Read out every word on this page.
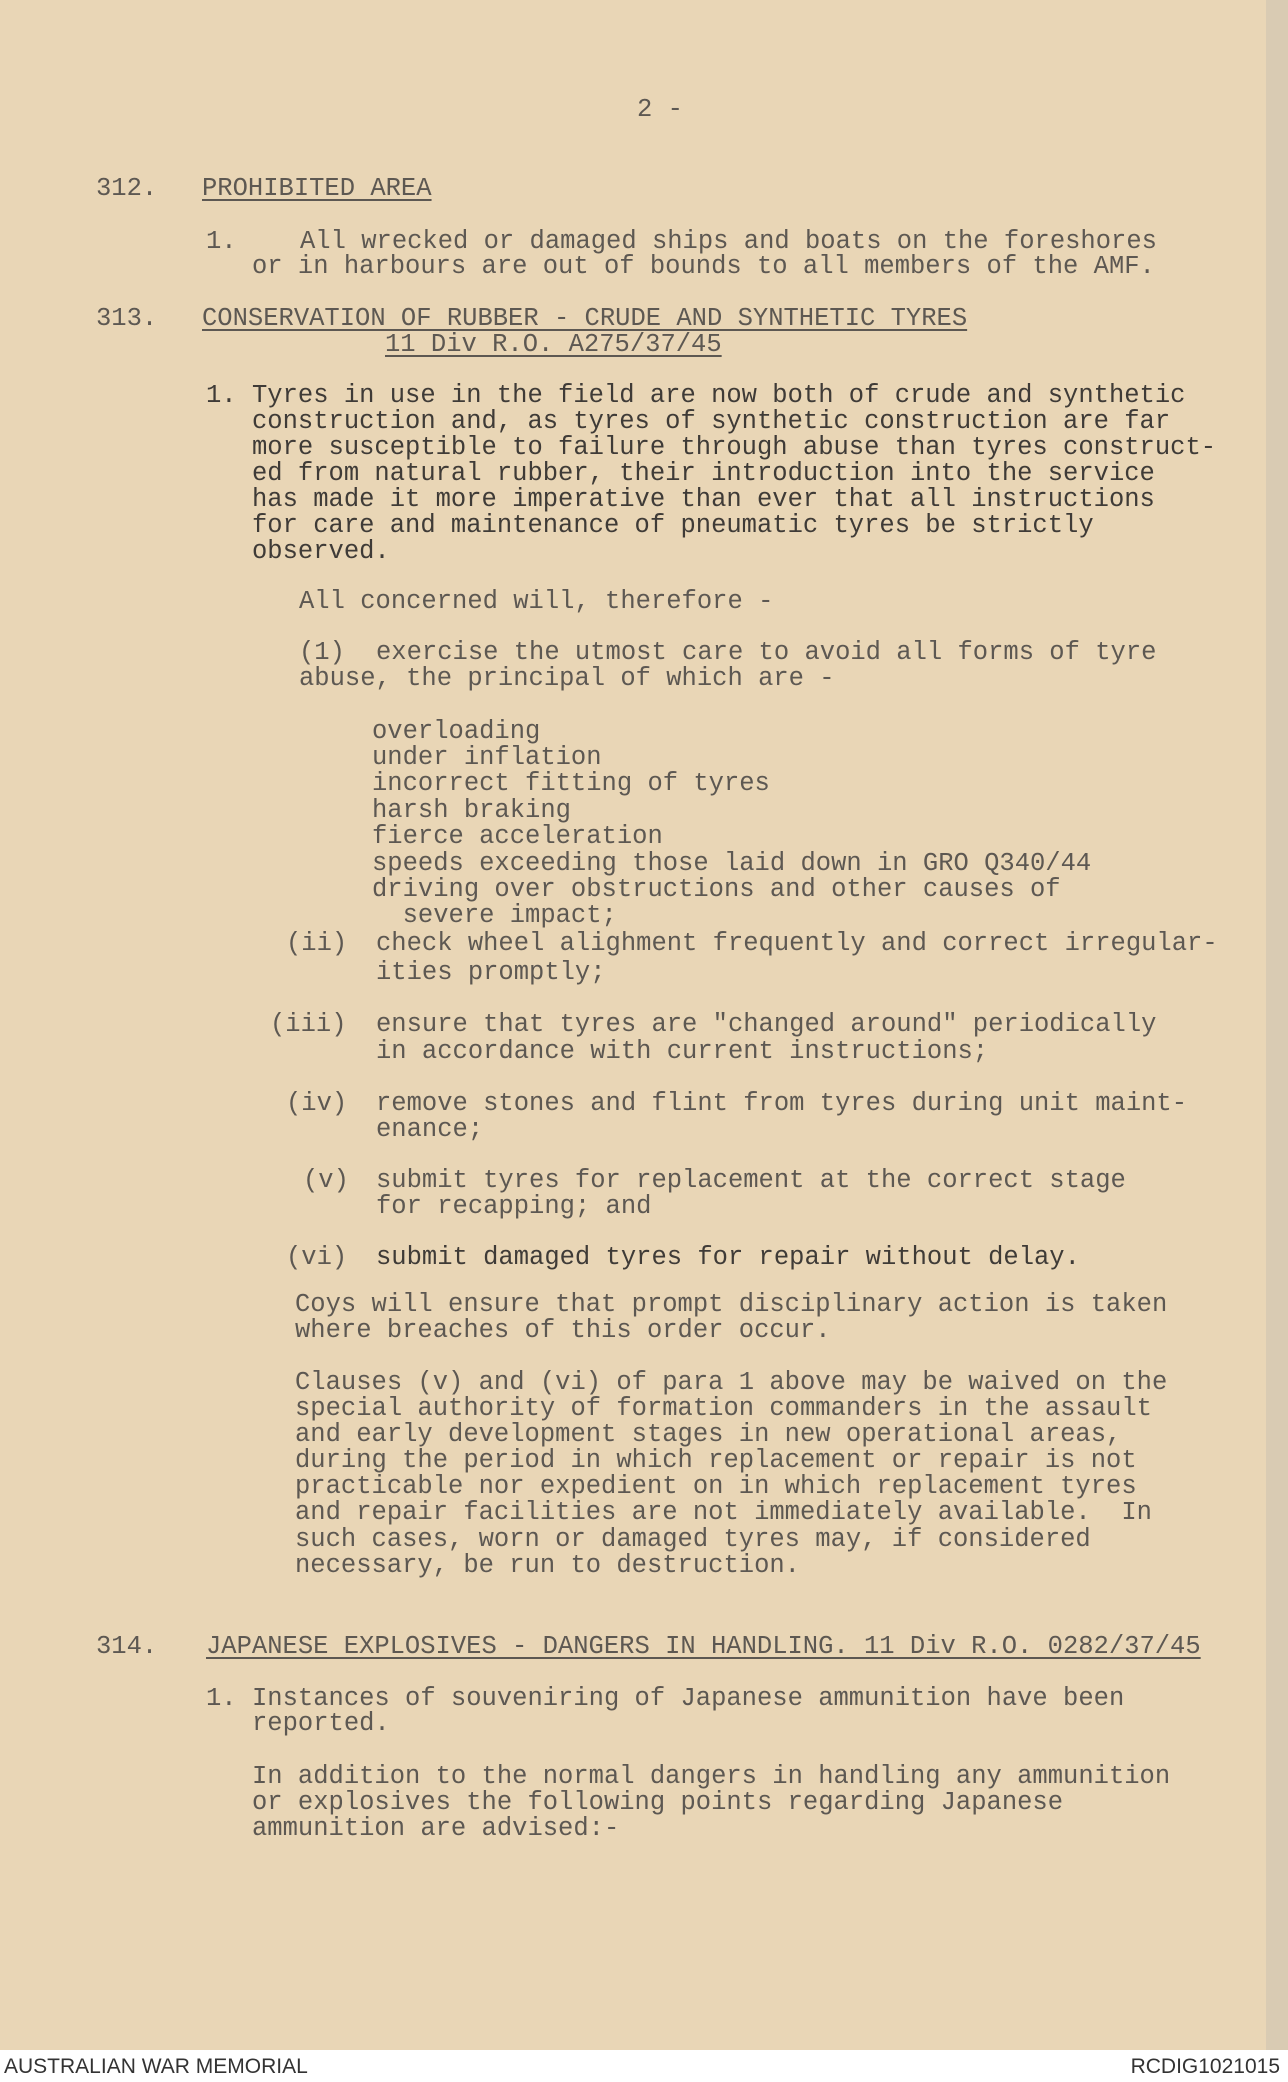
2 -
312. PROHIBITED AREA
1. All wrecked or damaged ships and boats on the foreshores
or in harbours are out of bounds to all members of the AMF.
313. CONSERVATION OF RUBBER - CRUDE AND SYNTHETIC TYRES
11 Div R.O. A275/37/45
1. Tyres in use in the field are now both of crude and synthetic
construction and, as tyres of synthetic construction are far
more susceptible to failure through abuse than tyres construct-
ed from natural rubber, their introduction into the service
has made it more imperative than ever that all instructions
for care and maintenance of pneumatic tyres be strictly
observed.
All concerned will, therefore -
(1) exercise the utmost care to avoid all forms of tyre
abuse, the principal of which are -
overloading
under inflation
incorrect fitting of tyres
harsh braking
fierce acceleration
speeds exceeding those laid down in GRO Q340/44
driving over obstructions and other causes of
severe impact;
(ii) check wheel alighment frequently and correct irregular-
ities promptly;
(iii) ensure that tyres are "changed around" periodically
in accordance with current instructions;
(iv) remove stones and flint from tyres during unit maint-
enance;
(v) submit tyres for replacement at the correct stage
for recapping; and
(vi) submit damaged tyres for repair without delay.
Coys will ensure that prompt disciplinary action is taken
where breaches of this order occur.
Clauses (v) and (vi) of para 1 above may be waived on the
special authority of formation commanders in the assault
and early development stages in new operational areas,
during the period in which replacement or repair is not
practicable nor expedient on in which replacement tyres
and repair facilities are not immediately available.  In
such cases, worn or damaged tyres may, if considered
necessary, be run to destruction.
314. JAPANESE EXPLOSIVES - DANGERS IN HANDLING. 11 Div R.O. 0282/37/45
1. Instances of souveniring of Japanese ammunition have been
reported.
In addition to the normal dangers in handling any ammunition
or explosives the following points regarding Japanese
ammunition are advised:-
AUSTRALIAN WAR MEMORIAL	RCDIG1021015
